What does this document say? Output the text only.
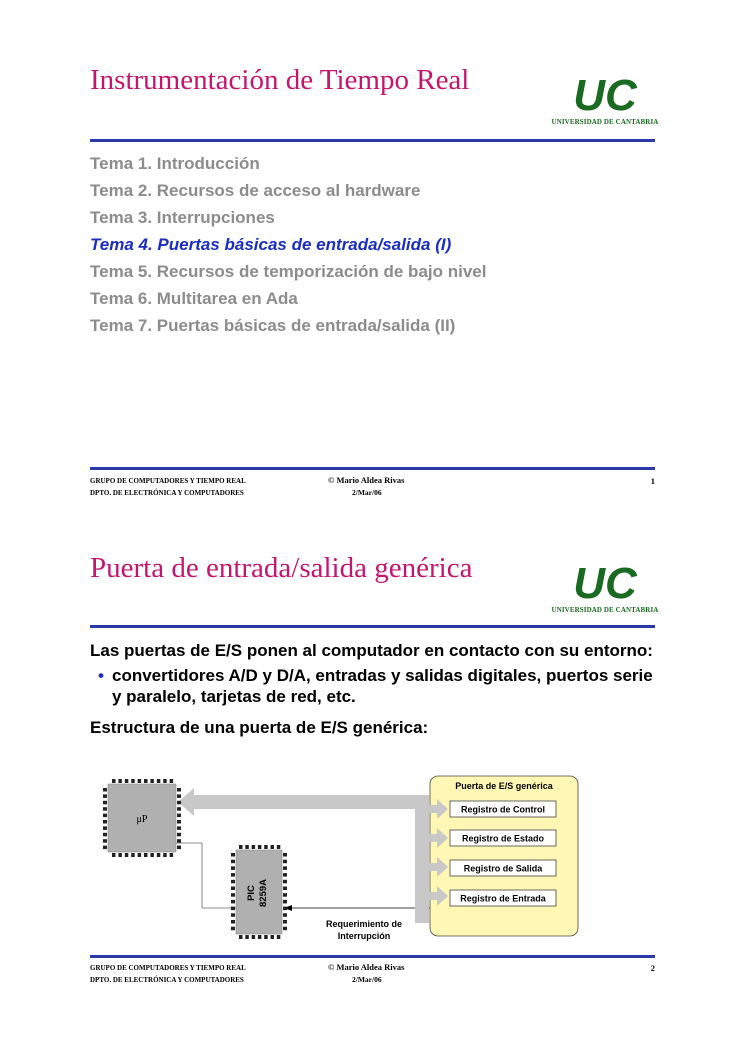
Instrumentación de Tiempo Real UC
UNIVERSIDAD DE CANTABRIA
Tema 1. Introducción
Tema 2. Recursos de acceso al hardware
Tema 3. Interrupciones
Tema 4. Puertas básicas de entrada/salida (I)
Tema 5. Recursos de temporización de bajo nivel
Tema 6. Multitarea en Ada
Tema 7. Puertas básicas de entrada/salida (II)
GRUPO DE COMPUTADORES Y TIEMPO REAL
DPTO. DE ELECTRÓNICA Y COMPUTADORES
© Mario Aldea Rivas
2/Mar/06
1
Puerta de entrada/salida genérica UC
UNIVERSIDAD DE CANTABRIA

Las puertas de E/S ponen al computador en contacto con su entorno:

• convertidores A/D y D/A, entradas y salidas digitales, puertos serie y paralelo, tarjetas de red, etc.

Estructura de una puerta de E/S genérica:

Puerta de E/S genérica
Registro de Control
Registro de Estado
Registro de Salida
Registro de Entrada
μP
PIC 8259A
Requerimiento de
Interrupción
GRUPO DE COMPUTADORES Y TIEMPO REAL
DPTO. DE ELECTRÓNICA Y COMPUTADORES
© Mario Aldea Rivas
2/Mar/06
2
